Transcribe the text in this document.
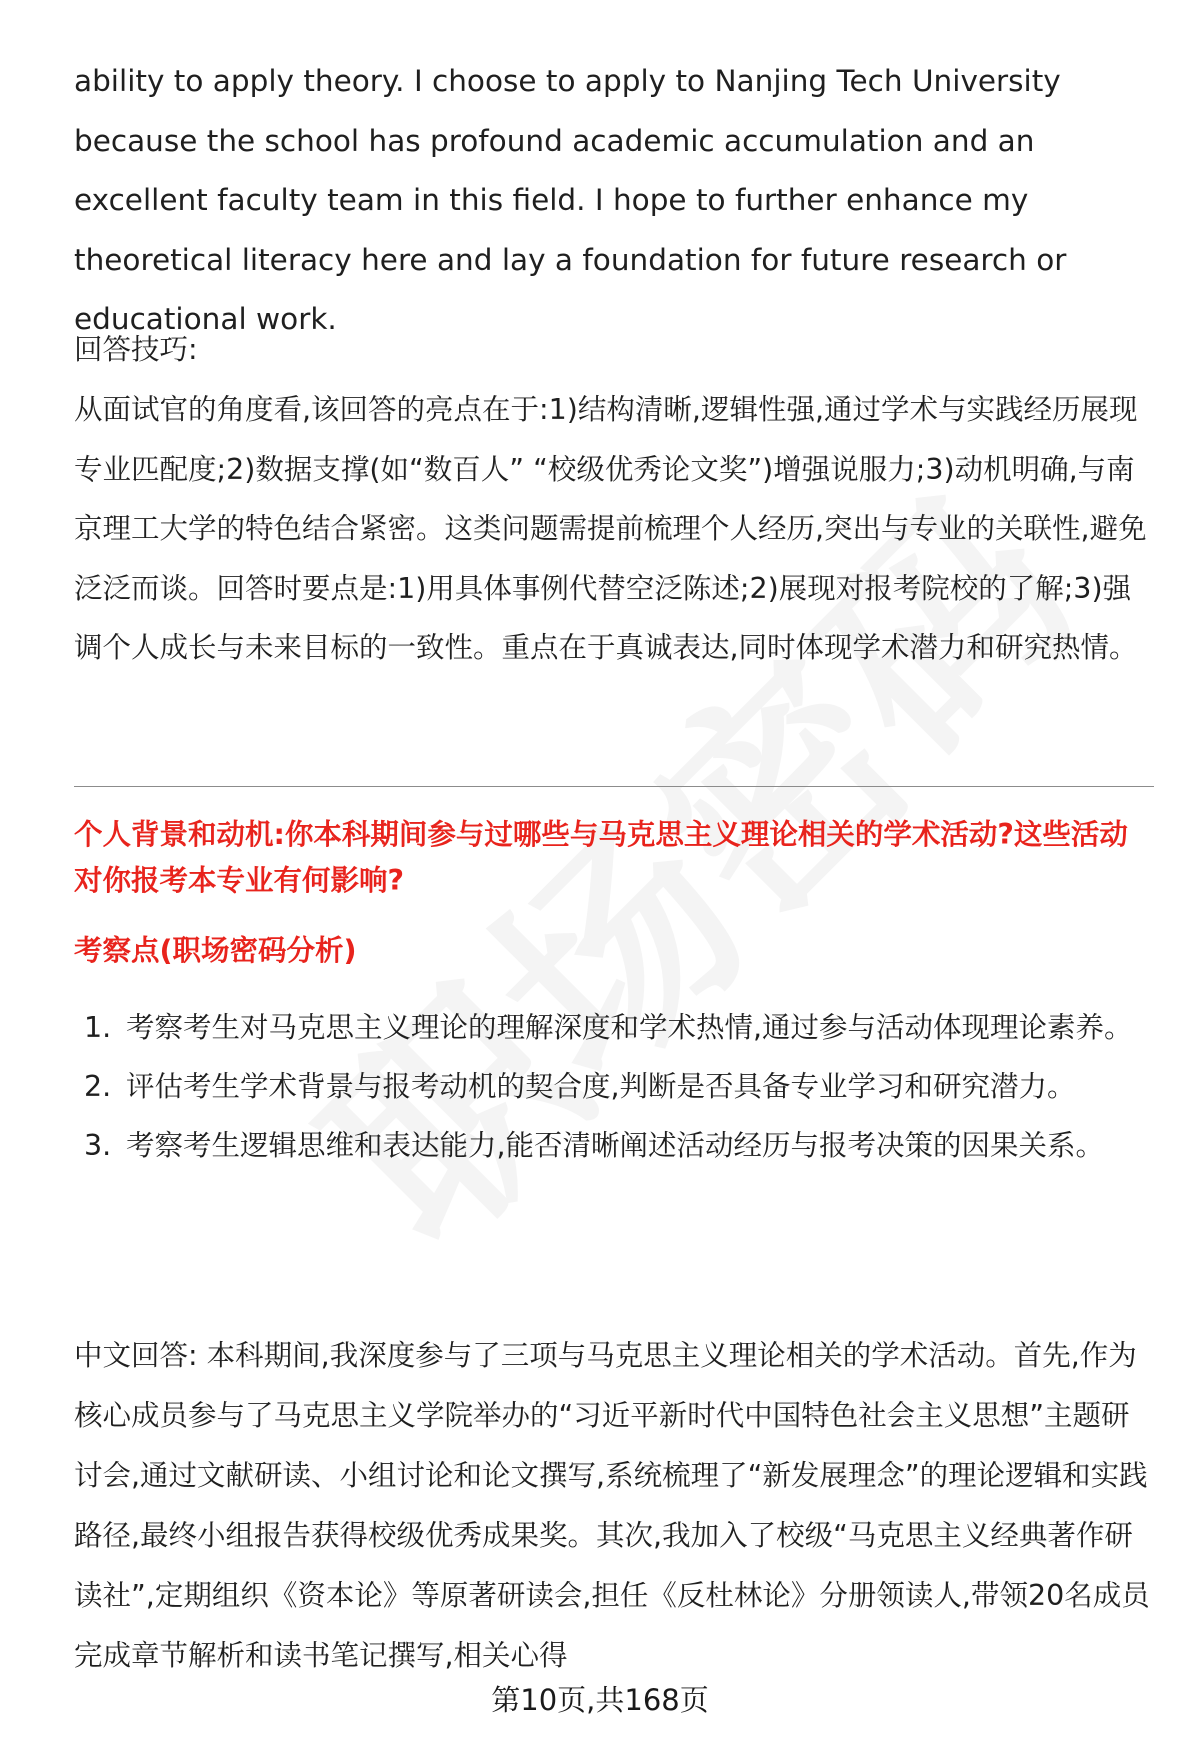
ability to apply theory. I choose to apply to Nanjing Tech University because the school has profound academic accumulation and an excellent faculty team in this field. I hope to further enhance my theoretical literacy here and lay a foundation for future research or educational work.

回答技巧:

从面试官的角度看,该回答的亮点在于:1)结构清晰,逻辑性强,通过学术与实践经历展现专业匹配度;2)数据支撑(如“数百人” “校级优秀论文奖”)增强说服力;3)动机明确,与南京理工大学的特色结合紧密。这类问题需提前梳理个人经历,突出与专业的关联性,避免泛泛而谈。回答时要点是:1)用具体事例代替空泛陈述;2)展现对报考院校的了解;3)强调个人成长与未来目标的一致性。重点在于真诚表达,同时体现学术潜力和研究热情。

个人背景和动机:你本科期间参与过哪些与马克思主义理论相关的学术活动?这些活动对你报考本专业有何影响?
考察点(职场密码分析)
1. 考察考生对马克思主义理论的理解深度和学术热情,通过参与活动体现理论素养。
2. 评估考生学术背景与报考动机的契合度,判断是否具备专业学习和研究潜力。
3. 考察考生逻辑思维和表达能力,能否清晰阐述活动经历与报考决策的因果关系。

中文回答: 本科期间,我深度参与了三项与马克思主义理论相关的学术活动。首先,作为核心成员参与了马克思主义学院举办的“习近平新时代中国特色社会主义思想”主题研讨会,通过文献研读、小组讨论和论文撰写,系统梳理了“新发展理念”的理论逻辑和实践路径,最终小组报告获得校级优秀成果奖。其次,我加入了校级“马克思主义经典著作研读社”,定期组织《资本论》等原著研读会,担任《反杜林论》分册领读人,带领20名成员完成章节解析和读书笔记撰写,相关心得

第10页,共168页
